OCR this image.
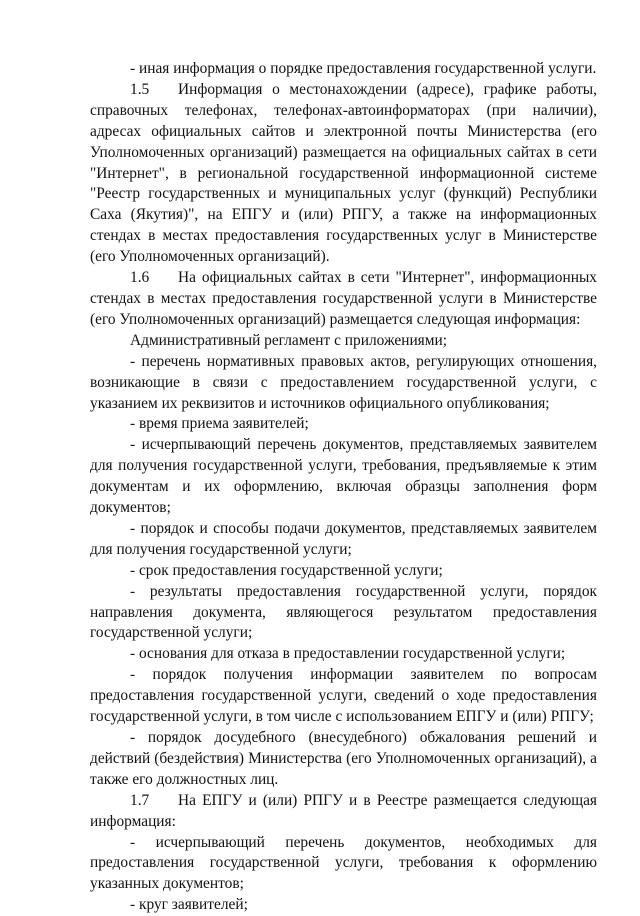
- иная информация о порядке предоставления государственной услуги.

1.5 Информация о местонахождении (адресе), графике работы, справочных телефонах, телефонах-автоинформаторах (при наличии), адресах официальных сайтов и электронной почты Министерства (его Уполномоченных организаций) размещается на официальных сайтах в сети "Интернет", в региональной государственной информационной системе "Реестр государственных и муниципальных услуг (функций) Республики Саха (Якутия)", на ЕПГУ и (или) РПГУ, а также на информационных стендах в местах предоставления государственных услуг в Министерстве (его Уполномоченных организаций).

1.6 На официальных сайтах в сети "Интернет", информационных стендах в местах предоставления государственной услуги в Министерстве (его Уполномоченных организаций) размещается следующая информация:

Административный регламент с приложениями;

- перечень нормативных правовых актов, регулирующих отношения, возникающие в связи с предоставлением государственной услуги, с указанием их реквизитов и источников официального опубликования;

- время приема заявителей;

- исчерпывающий перечень документов, представляемых заявителем для получения государственной услуги, требования, предъявляемые к этим документам и их оформлению, включая образцы заполнения форм документов;

- порядок и способы подачи документов, представляемых заявителем для получения государственной услуги;

- срок предоставления государственной услуги;

- результаты предоставления государственной услуги, порядок направления документа, являющегося результатом предоставления государственной услуги;

- основания для отказа в предоставлении государственной услуги;

- порядок получения информации заявителем по вопросам предоставления государственной услуги, сведений о ходе предоставления государственной услуги, в том числе с использованием ЕПГУ и (или) РПГУ;

- порядок досудебного (внесудебного) обжалования решений и действий (бездействия) Министерства (его Уполномоченных организаций), а также его должностных лиц.

1.7 На ЕПГУ и (или) РПГУ и в Реестре размещается следующая информация:

- исчерпывающий перечень документов, необходимых для предоставления государственной услуги, требования к оформлению указанных документов;

- круг заявителей;
